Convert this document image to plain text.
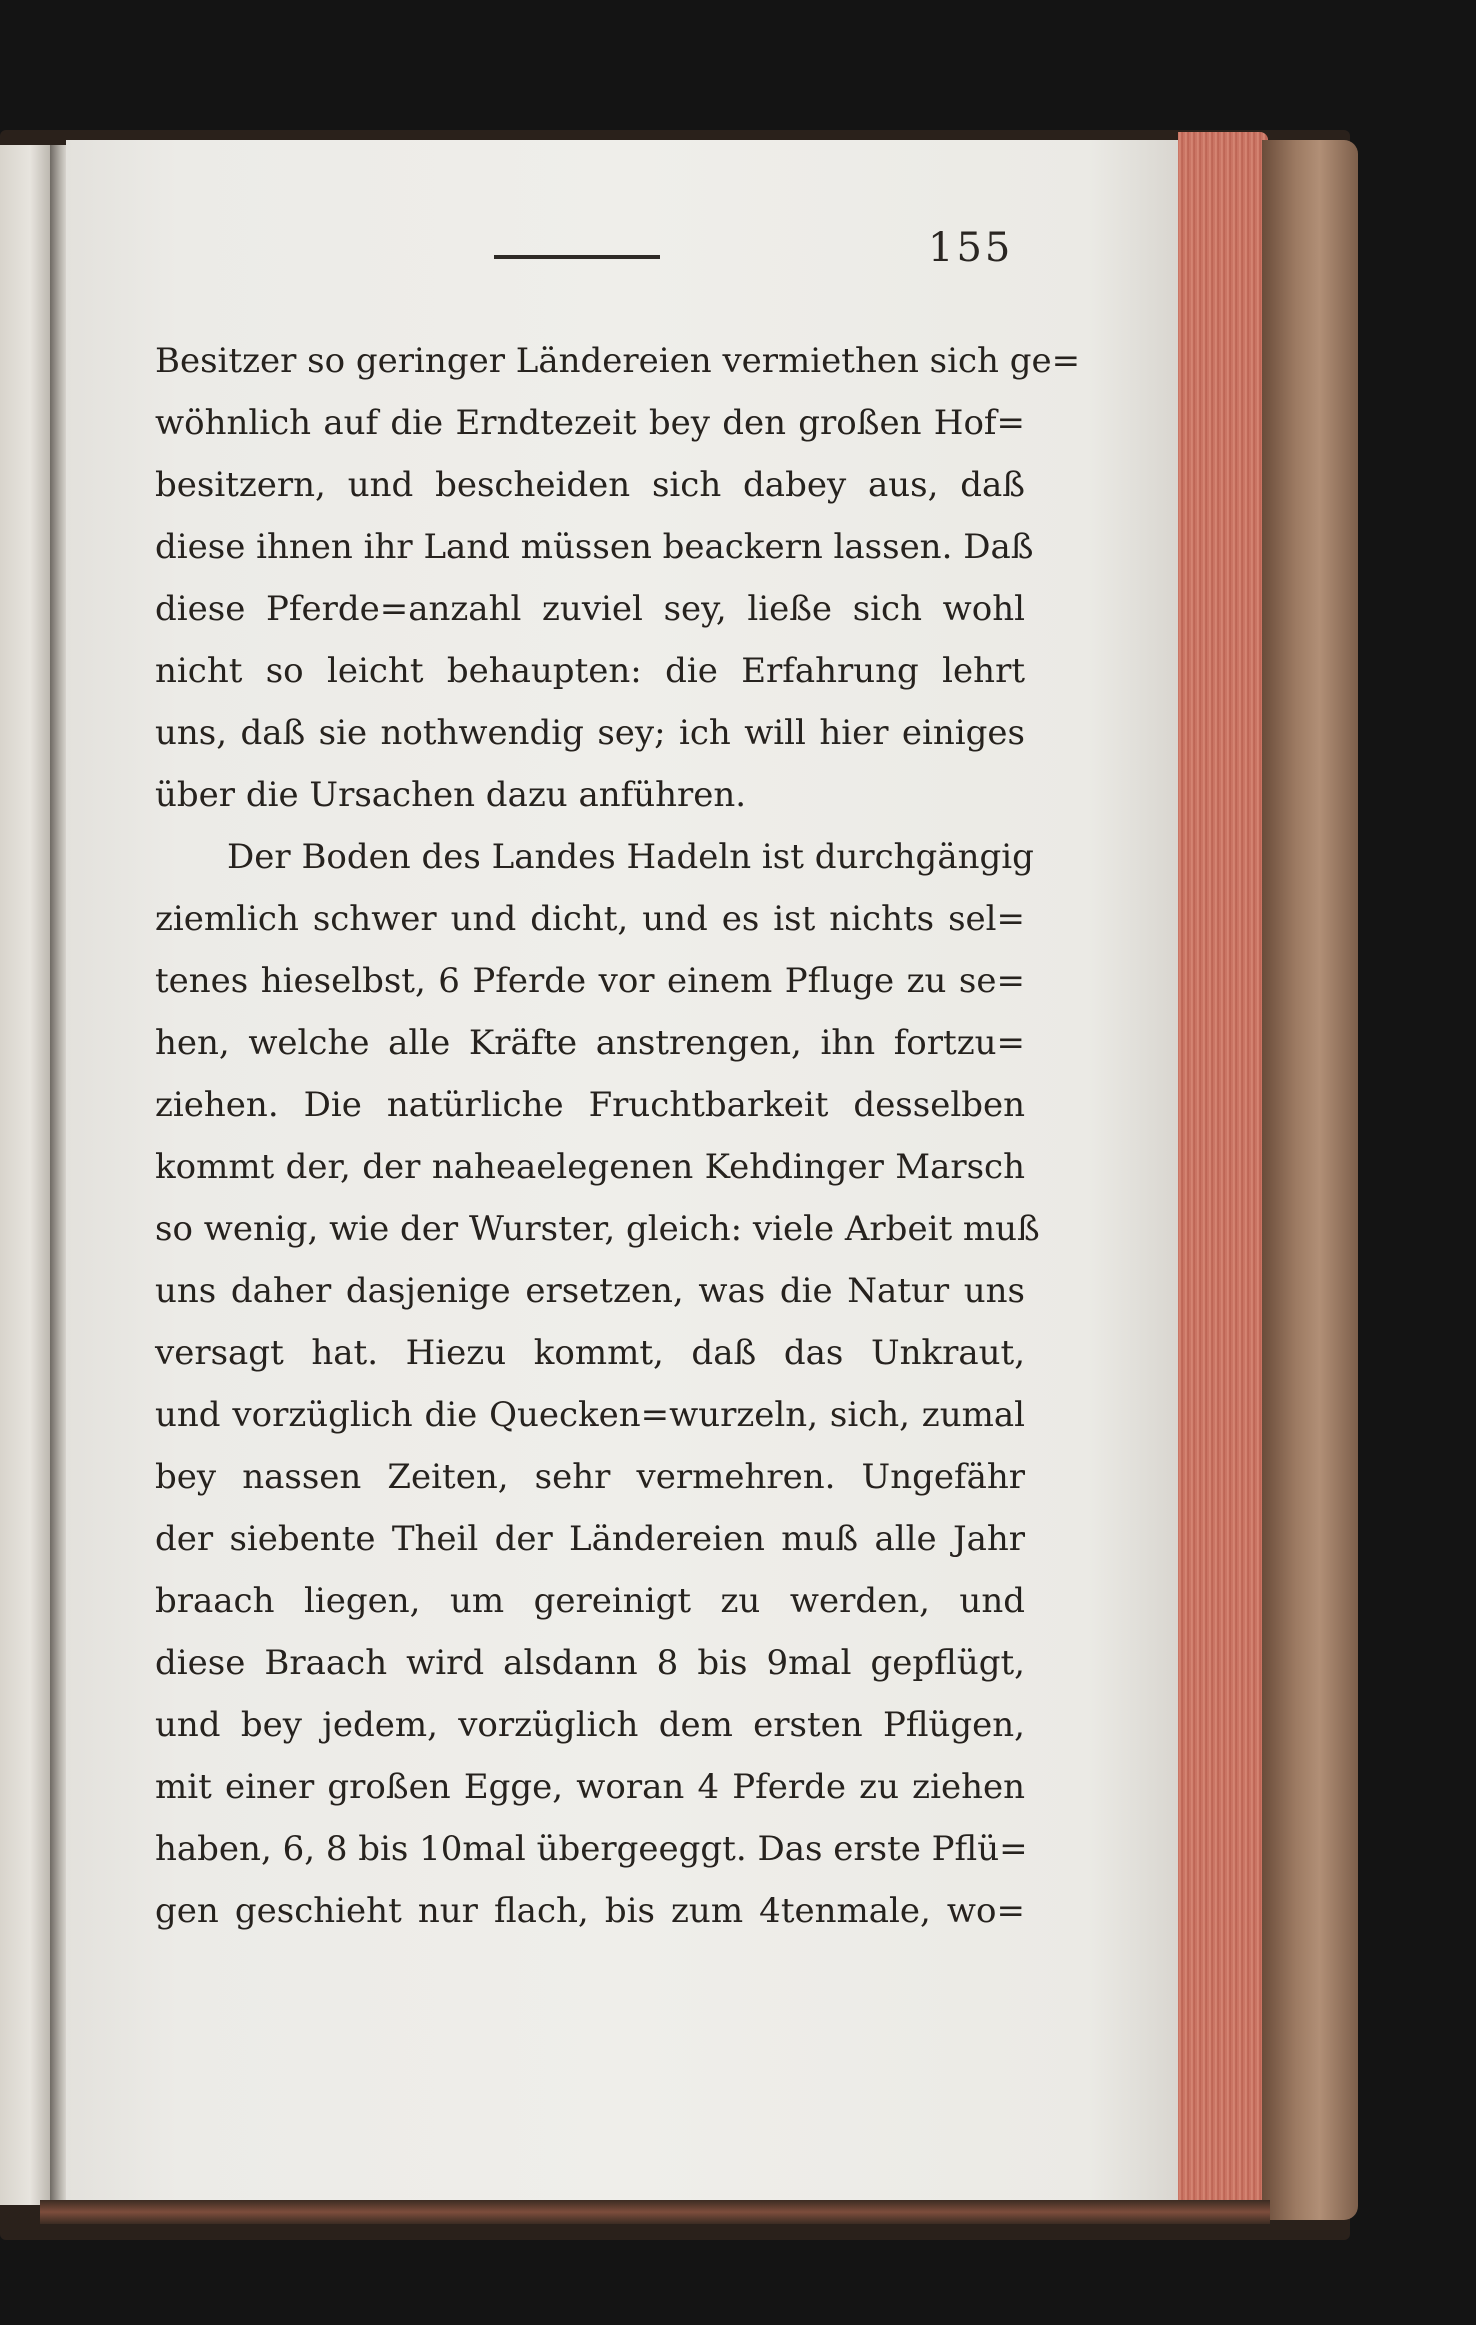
155
Besitzer so geringer Ländereien vermiethen sich ge=
wöhnlich auf die Erndtezeit bey den großen Hof=
besitzern, und bescheiden sich dabey aus, daß
diese ihnen ihr Land müssen beackern lassen. Daß
diese Pferde=anzahl zuviel sey, ließe sich wohl
nicht so leicht behaupten: die Erfahrung lehrt
uns, daß sie nothwendig sey; ich will hier einiges
über die Ursachen dazu anführen.
Der Boden des Landes Hadeln ist durchgängig
ziemlich schwer und dicht, und es ist nichts sel=
tenes hieselbst, 6 Pferde vor einem Pfluge zu se=
hen, welche alle Kräfte anstrengen, ihn fortzu=
ziehen. Die natürliche Fruchtbarkeit desselben
kommt der, der naheaelegenen Kehdinger Marsch
so wenig, wie der Wurster, gleich: viele Arbeit muß
uns daher dasjenige ersetzen, was die Natur uns
versagt hat. Hiezu kommt, daß das Unkraut,
und vorzüglich die Quecken=wurzeln, sich, zumal
bey nassen Zeiten, sehr vermehren. Ungefähr
der siebente Theil der Ländereien muß alle Jahr
braach liegen, um gereinigt zu werden, und
diese Braach wird alsdann 8 bis 9mal gepflügt,
und bey jedem, vorzüglich dem ersten Pflügen,
mit einer großen Egge, woran 4 Pferde zu ziehen
haben, 6, 8 bis 10mal übergeeggt. Das erste Pflü=
gen geschieht nur flach, bis zum 4tenmale, wo=
